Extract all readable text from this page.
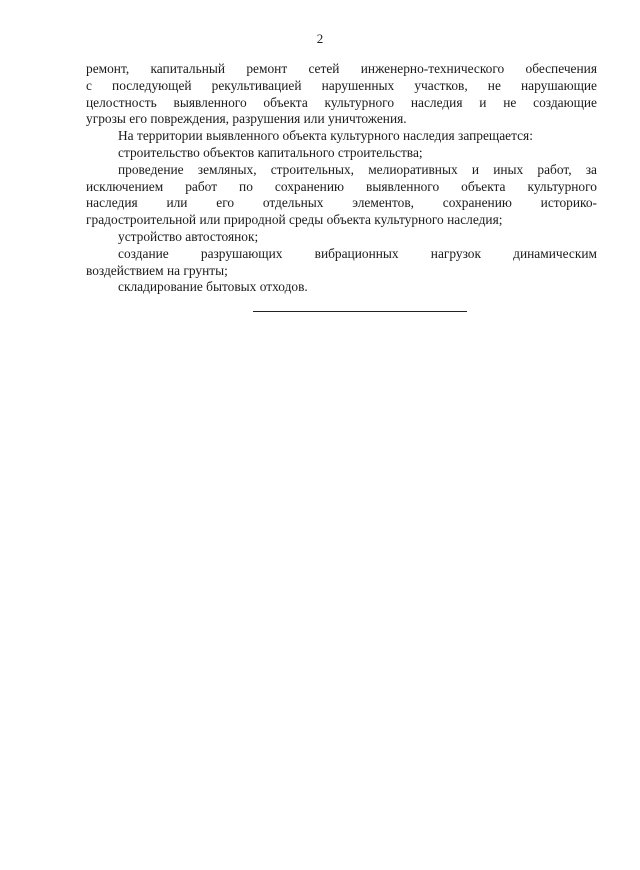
2

ремонт, капитальный ремонт сетей инженерно-технического обеспечения
с последующей рекультивацией нарушенных участков, не нарушающие
целостность выявленного объекта культурного наследия и не создающие
угрозы его повреждения, разрушения или уничтожения.

На территории выявленного объекта культурного наследия запрещается:

строительство объектов капитального строительства;

проведение земляных, строительных, мелиоративных и иных работ, за
исключением работ по сохранению выявленного объекта культурного
наследия или его отдельных элементов, сохранению историко-
градостроительной или природной среды объекта культурного наследия;

устройство автостоянок;

создание разрушающих вибрационных нагрузок динамическим
воздействием на грунты;

складирование бытовых отходов.
